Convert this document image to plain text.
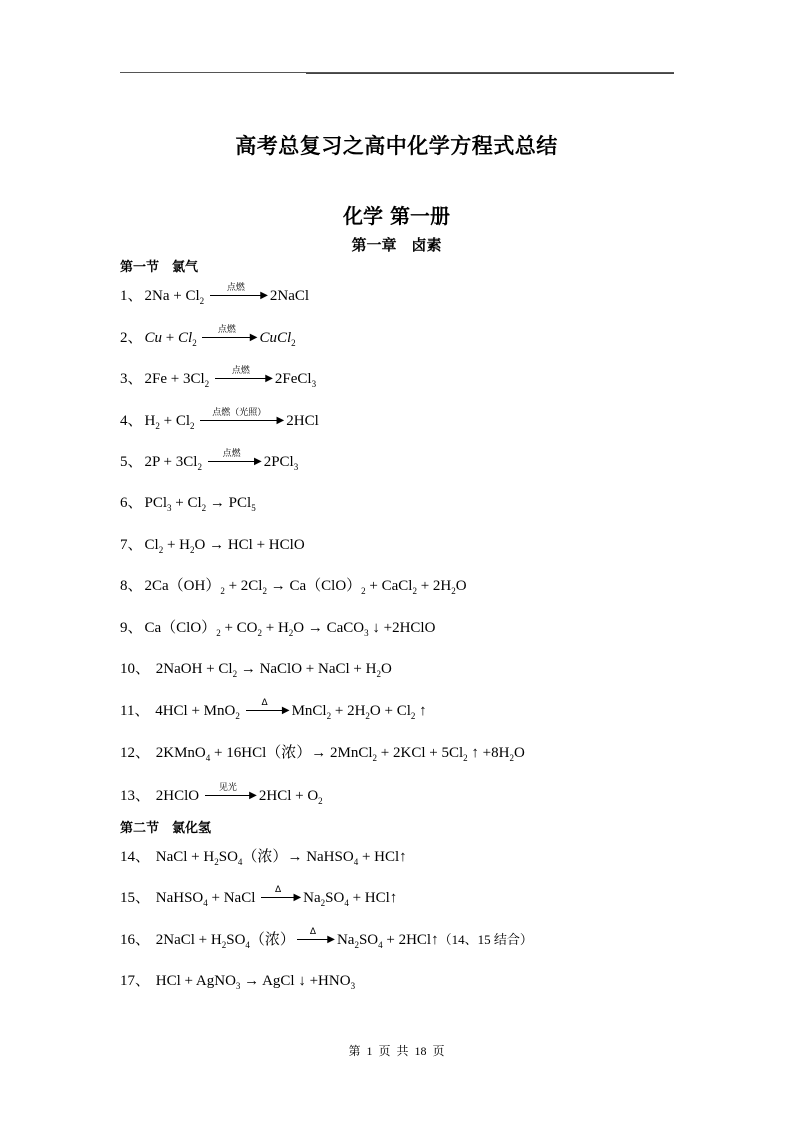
高考总复习之高中化学方程式总结
化学 第一册
第一章　卤素
第一节　氯气
1、 $2Na + Cl_2$
点燃
▶ 2NaCl
2、 $Cu + Cl_2$
点燃
▶ CuCl$_2$
3、 $2Fe + 3Cl_2$
点燃
▶ 2FeCl$_3$
4、 $H_2 + Cl_2$
点燃（光照）
▶ 2HCl
5、 $2P + 3Cl_2$
点燃
▶ 2PCl$_3$
6、 $PCl_3 + Cl_2 \to PCl_5$
7、 $Cl_2 + H_2O$ → HCl + HClO
8、 $2Ca(OH)_2 + 2Cl_2 \to Ca(ClO)_2$ + CaCl$_2$ + $2H_2O$
9、 $Ca(ClO)_2 + CO_2 + H_2O$ → CaCO$_3$ ↓ +2HClO
10、 2NaOH + $Cl_2$ → NaClO + NaCl + $H_2O$
11、 4HCl + MnO$_2$
Δ
▶ MnCl$_2$ + $2H_2O + Cl_2$ ↑
12、 2KMnO$_4$ + 16HCl（浓）→ 2MnCl$_2$ + $2KCl + 5Cl_2$ ↑ $+8H_2O$
13、 2HClO	见光
▶ $2HCl + O_2$
第二节　氯化氢
14、 NaCl + $H_2SO_4$（浓）→ NaHSO$_4$ + HCl↑
15、 NaHSO$_4$ + NaCl	Δ
▶ $Na_2SO_4$ + HCl↑
16、 2NaCl + $H_2SO_4$（浓）	Δ
▶ $Na_2SO_4$ + 2HCl↑（14、15 结合）
17、 HCl + AgNO$_3$ → AgCl ↓ $+HNO_3$
第 1 页 共 18 页
